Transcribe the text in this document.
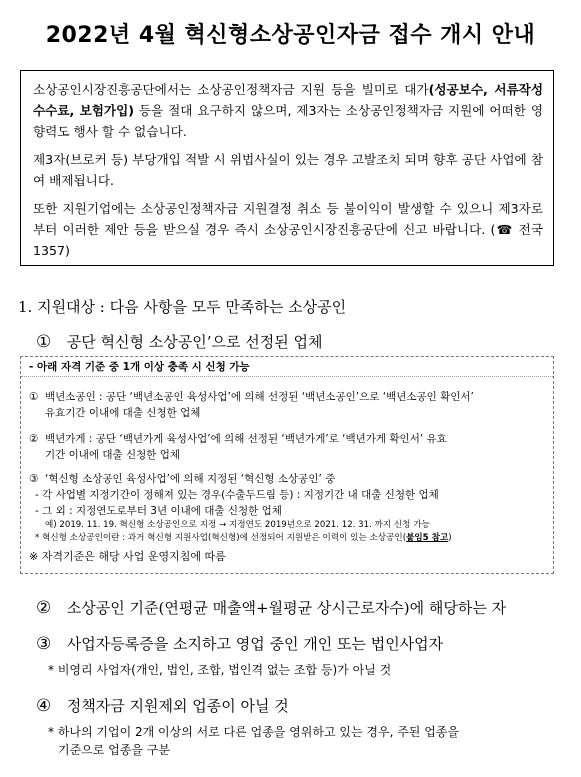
2022년 4월 혁신형소상공인자금 접수 개시 안내

소상공인시장진흥공단에서는 소상공인정책자금 지원 등을 빌미로 대가(성공보수, 서류작성 수수료, 보험가입) 등을 절대 요구하지 않으며, 제3자는 소상공인정책자금 지원에 어떠한 영향력도 행사 할 수 없습니다.

제3자(브로커 등) 부당개입 적발 시 위법사실이 있는 경우 고발조치 되며 향후 공단 사업에 참여 배제됩니다.

또한 지원기업에는 소상공인정책자금 지원결정 취소 등 불이익이 발생할 수 있으니 제3자로부터 이러한 제안 등을 받으실 경우 즉시 소상공인시장진흥공단에 신고 바랍니다. (☎ 전국 1357)

1. 지원대상 : 다음 사항을 모두 만족하는 소상공인
① 공단 혁신형 소상공인’으로 선정된 업체
- 아래 자격 기준 중 1개 이상 충족 시 신청 가능
① 백년소공인 : 공단 ‘백년소공인 육성사업’에 의해 선정된 ‘백년소공인’으로 ‘백년소공인 확인서’
유효기간 이내에 대출 신청한 업체
② 백년가게 : 공단 ‘백년가게 육성사업’에 의해 선정된 ‘백년가게’로 ‘백년가게 확인서’ 유효
기간 이내에 대출 신청한 업체
③ ‘혁신형 소상공인 육성사업’에 의해 지정된 ‘혁신형 소상공인’ 중
- 각 사업별 지정기간이 정해져 있는 경우(수출두드림 등) : 지정기간 내 대출 신청한 업체
- 그 외 : 지정연도로부터 3년 이내에 대출 신청한 업체
예) 2019. 11. 19. 혁신형 소상공인으로 지정 → 지정연도 2019년으로 2021. 12. 31. 까지 신청 가능
* 혁신형 소상공인이란 : 과거 혁신형 지원사업(혁신형)에 선정되어 지원받은 이력이 있는 소상공인(붙임5 참고)
※ 자격기준은 해당 사업 운영지침에 따름
② 소상공인 기준(연평균 매출액+월평균 상시근로자수)에 해당하는 자
③ 사업자등록증을 소지하고 영업 중인 개인 또는 법인사업자
* 비영리 사업자(개인, 법인, 조합, 법인격 없는 조합 등)가 아닐 것
④ 정책자금 지원제외 업종이 아닐 것
* 하나의 기업이 2개 이상의 서로 다른 업종을 영위하고 있는 경우, 주된 업종을
기준으로 업종을 구분
